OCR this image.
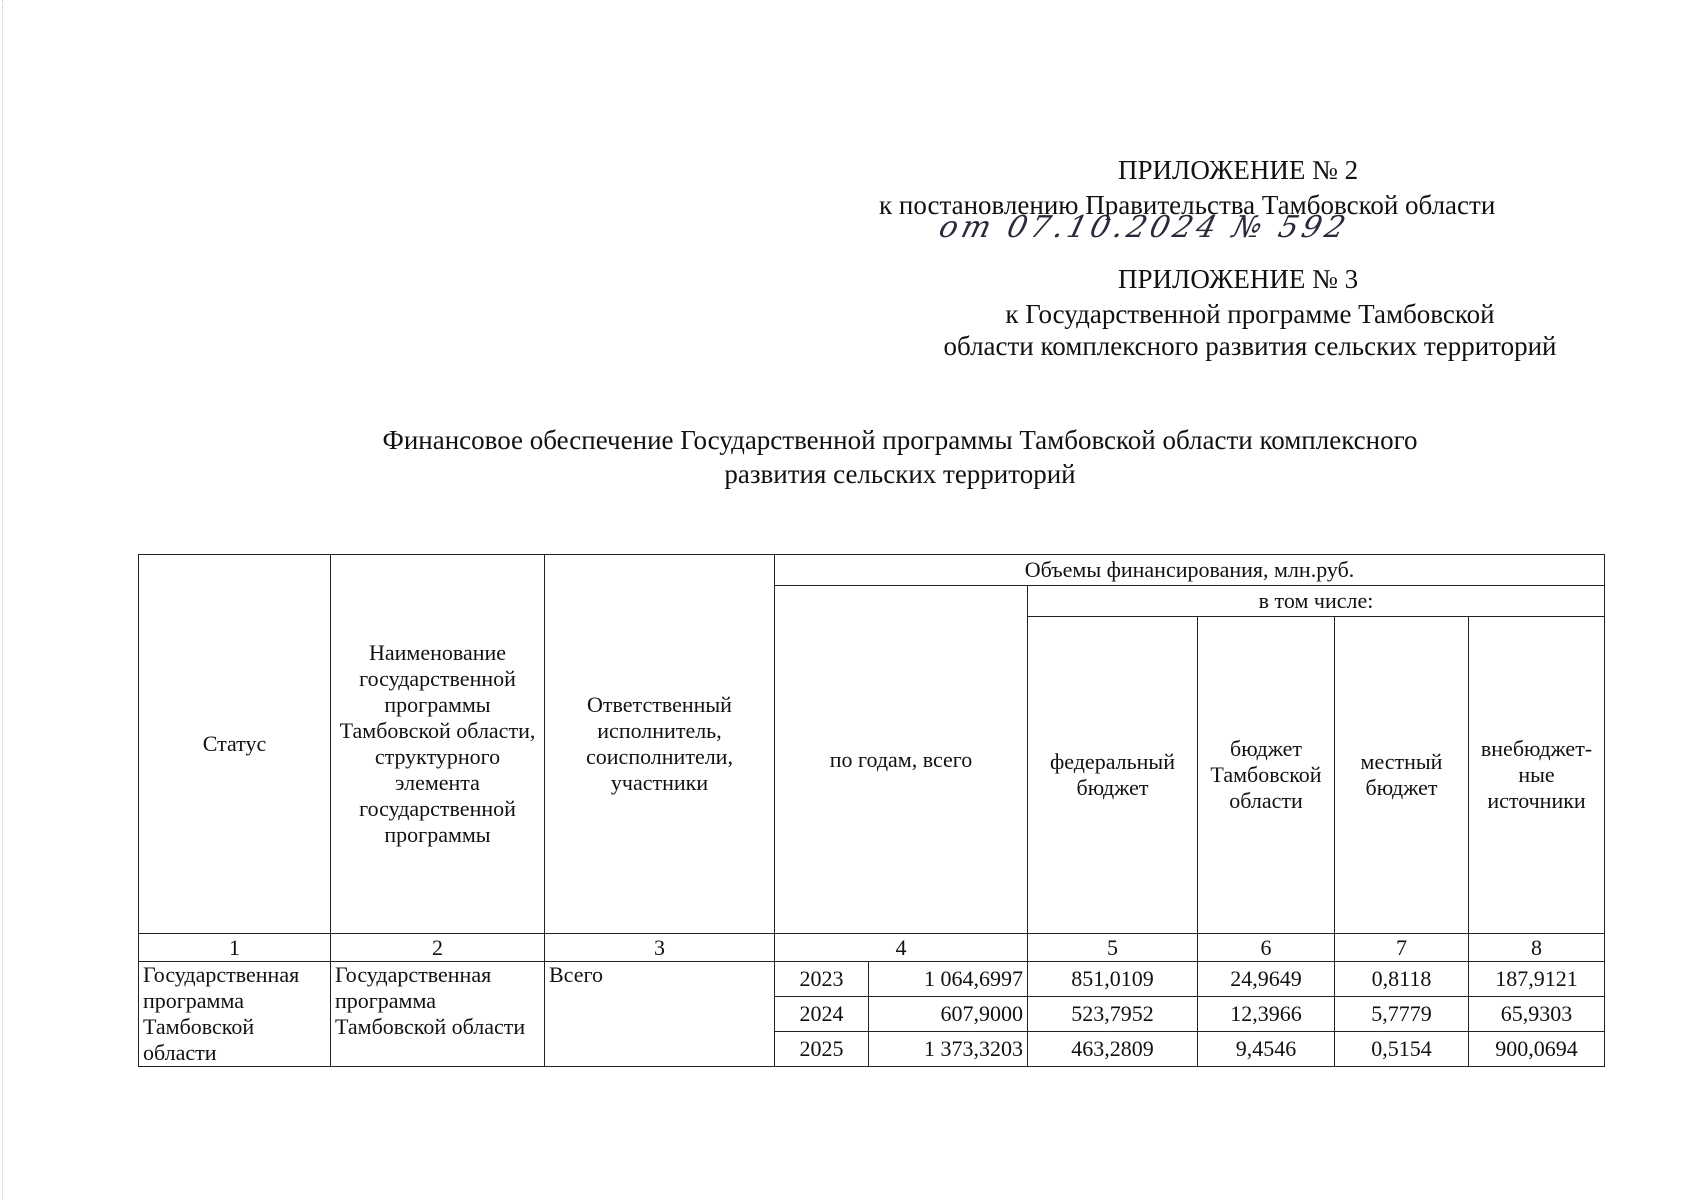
ПРИЛОЖЕНИЕ № 2
к постановлению Правительства Тамбовской области
от 07.10.2024 № 592
ПРИЛОЖЕНИЕ № 3
к Государственной программе Тамбовской
области комплексного развития сельских территорий
Финансовое обеспечение Государственной программы Тамбовской области комплексного
развития сельских территорий
Статус	Наименование государственной программы Тамбовской области, структурного элемента государственной программы	Ответственный исполнитель, соисполнители, участники	Объемы финансирования, млн.руб.					
			по годам, всего		в том числе:			
					федеральный бюджет	бюджет Тамбовской области	местный бюджет	внебюджет-ные источники
1	2	3	4		5	6	7	8
Государственная программа Тамбовской области	Государственная программа Тамбовской области	Всего	2023	1 064,6997	851,0109	24,9649	0,8118	187,9121
			2024	607,9000	523,7952	12,3966	5,7779	65,9303
			2025	1 373,3203	463,2809	9,4546	0,5154	900,0694
